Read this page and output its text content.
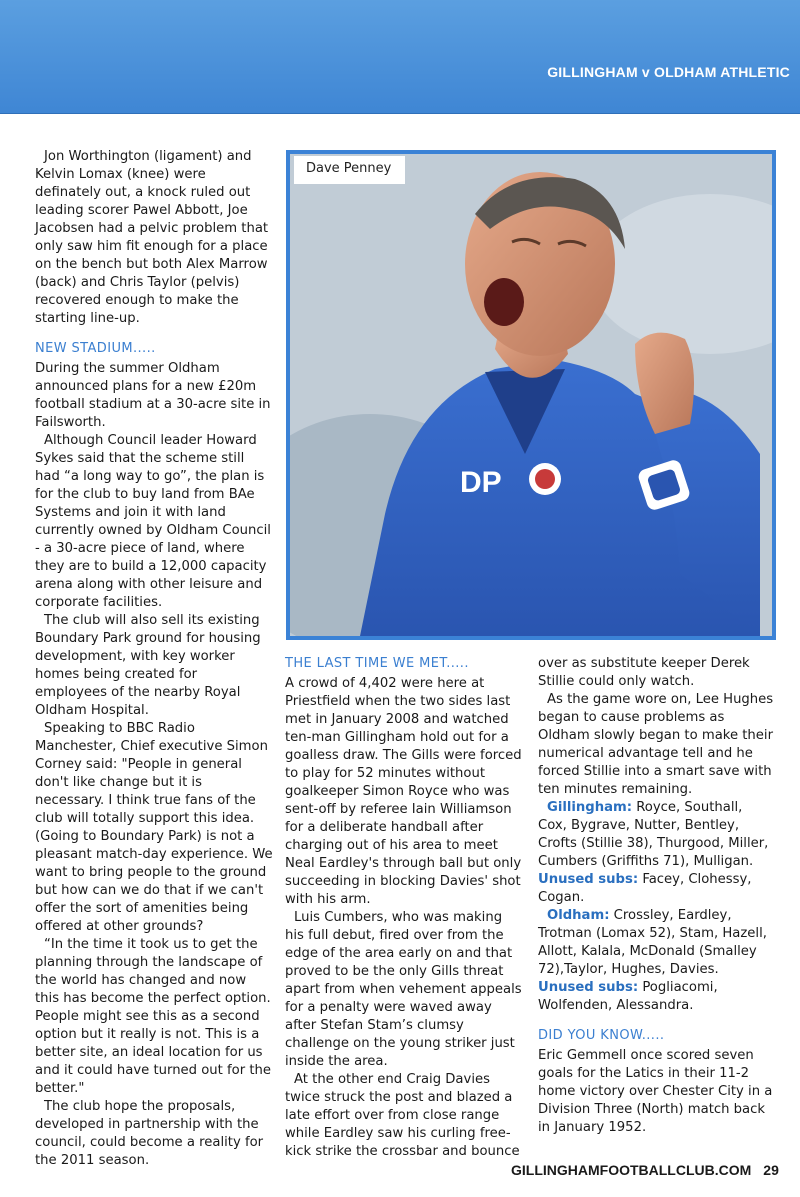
GILLINGHAM v OLDHAM ATHLETIC

Jon Worthington (ligament) and Kelvin Lomax (knee) were definately out, a knock ruled out leading scorer Pawel Abbott, Joe Jacobsen had a pelvic problem that only saw him fit enough for a place on the bench but both Alex Marrow (back) and Chris Taylor (pelvis) recovered enough to make the starting line-up.

NEW STADIUM.....

During the summer Oldham announced plans for a new £20m football stadium at a 30-acre site in Failsworth.

Although Council leader Howard Sykes said that the scheme still had “a long way to go”, the plan is for the club to buy land from BAe Systems and join it with land currently owned by Oldham Council - a 30-acre piece of land, where they are to build a 12,000 capacity arena along with other leisure and corporate facilities.

The club will also sell its existing Boundary Park ground for housing development, with key worker homes being created for employees of the nearby Royal Oldham Hospital.

Speaking to BBC Radio Manchester, Chief executive Simon Corney said: "People in general don't like change but it is necessary. I think true fans of the club will totally support this idea. (Going to Boundary Park) is not a pleasant match-day experience. We want to bring people to the ground but how can we do that if we can't offer the sort of amenities being offered at other grounds?

“In the time it took us to get the planning through the landscape of the world has changed and now this has become the perfect option. People might see this as a second option but it really is not. This is a better site, an ideal location for us and it could have turned out for the better."

The club hope the proposals, developed in partnership with the council, could become a reality for the 2011 season.

DP
Dave Penney
THE LAST TIME WE MET.....

A crowd of 4,402 were here at Priestfield when the two sides last met in January 2008 and watched ten-man Gillingham hold out for a goalless draw. The Gills were forced to play for 52 minutes without goalkeeper Simon Royce who was sent-off by referee Iain Williamson for a deliberate handball after charging out of his area to meet Neal Eardley's through ball but only succeeding in blocking Davies' shot with his arm.

Luis Cumbers, who was making his full debut, fired over from the edge of the area early on and that proved to be the only Gills threat apart from when vehement appeals for a penalty were waved away after Stefan Stam’s clumsy challenge on the young striker just inside the area.

At the other end Craig Davies twice struck the post and blazed a late effort over from close range while Eardley saw his curling free-kick strike the crossbar and bounce

over as substitute keeper Derek Stillie could only watch.

As the game wore on, Lee Hughes began to cause problems as Oldham slowly began to make their numerical advantage tell and he forced Stillie into a smart save with ten minutes remaining.

Gillingham: Royce, Southall, Cox, Bygrave, Nutter, Bentley, Crofts (Stillie 38), Thurgood, Miller, Cumbers (Griffiths 71), Mulligan. Unused subs: Facey, Clohessy, Cogan.

Oldham: Crossley, Eardley, Trotman (Lomax 52), Stam, Hazell, Allott, Kalala, McDonald (Smalley 72),Taylor, Hughes, Davies. Unused subs: Pogliacomi, Wolfenden, Alessandra.

DID YOU KNOW.....

Eric Gemmell once scored seven goals for the Latics in their 11-2 home victory over Chester City in a Division Three (North) match back in January 1952.

GILLINGHAMFOOTBALLCLUB.COM 29
